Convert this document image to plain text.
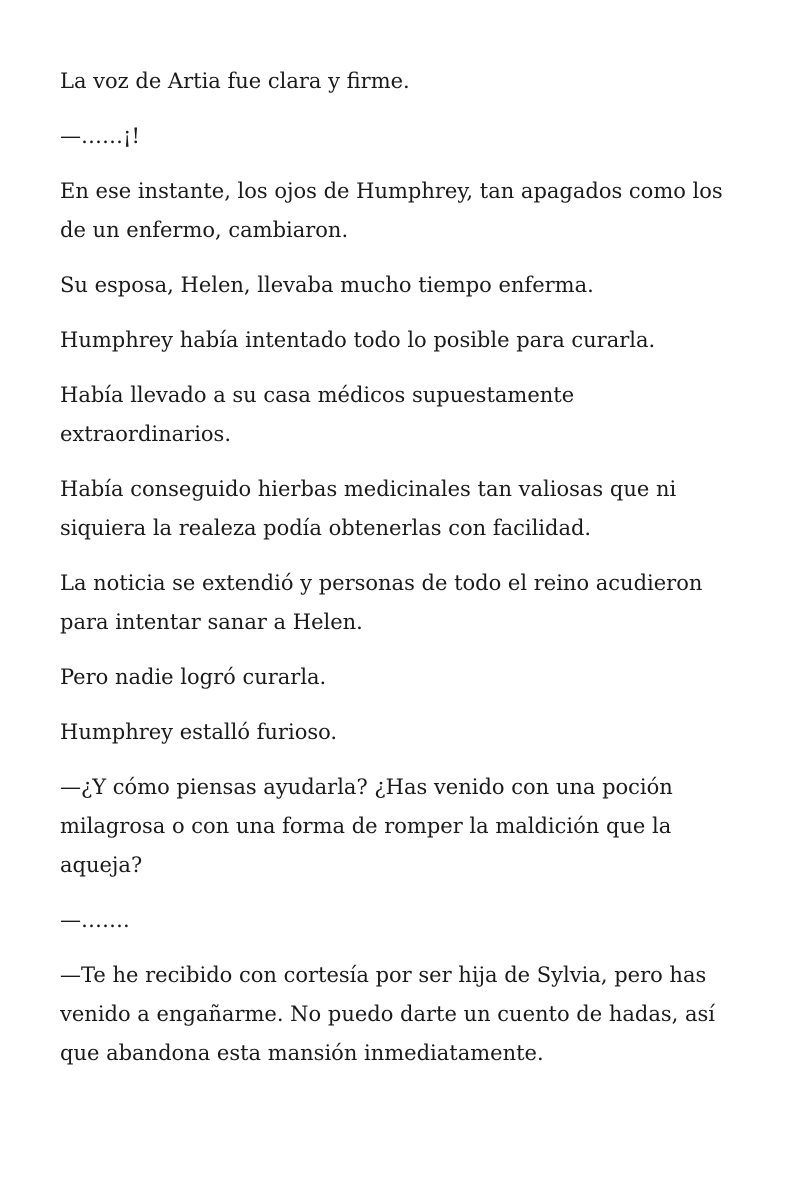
La voz de Artia fue clara y firme.

—……¡!

En ese instante, los ojos de Humphrey, tan apagados como los de un enfermo, cambiaron.

Su esposa, Helen, llevaba mucho tiempo enferma.

Humphrey había intentado todo lo posible para curarla.

Había llevado a su casa médicos supuestamente extraordinarios.

Había conseguido hierbas medicinales tan valiosas que ni siquiera la realeza podía obtenerlas con facilidad.

La noticia se extendió y personas de todo el reino acudieron para intentar sanar a Helen.

Pero nadie logró curarla.

Humphrey estalló furioso.

—¿Y cómo piensas ayudarla? ¿Has venido con una poción milagrosa o con una forma de romper la maldición que la aqueja?

—…….

—Te he recibido con cortesía por ser hija de Sylvia, pero has venido a engañarme. No puedo darte un cuento de hadas, así que abandona esta mansión inmediatamente.
